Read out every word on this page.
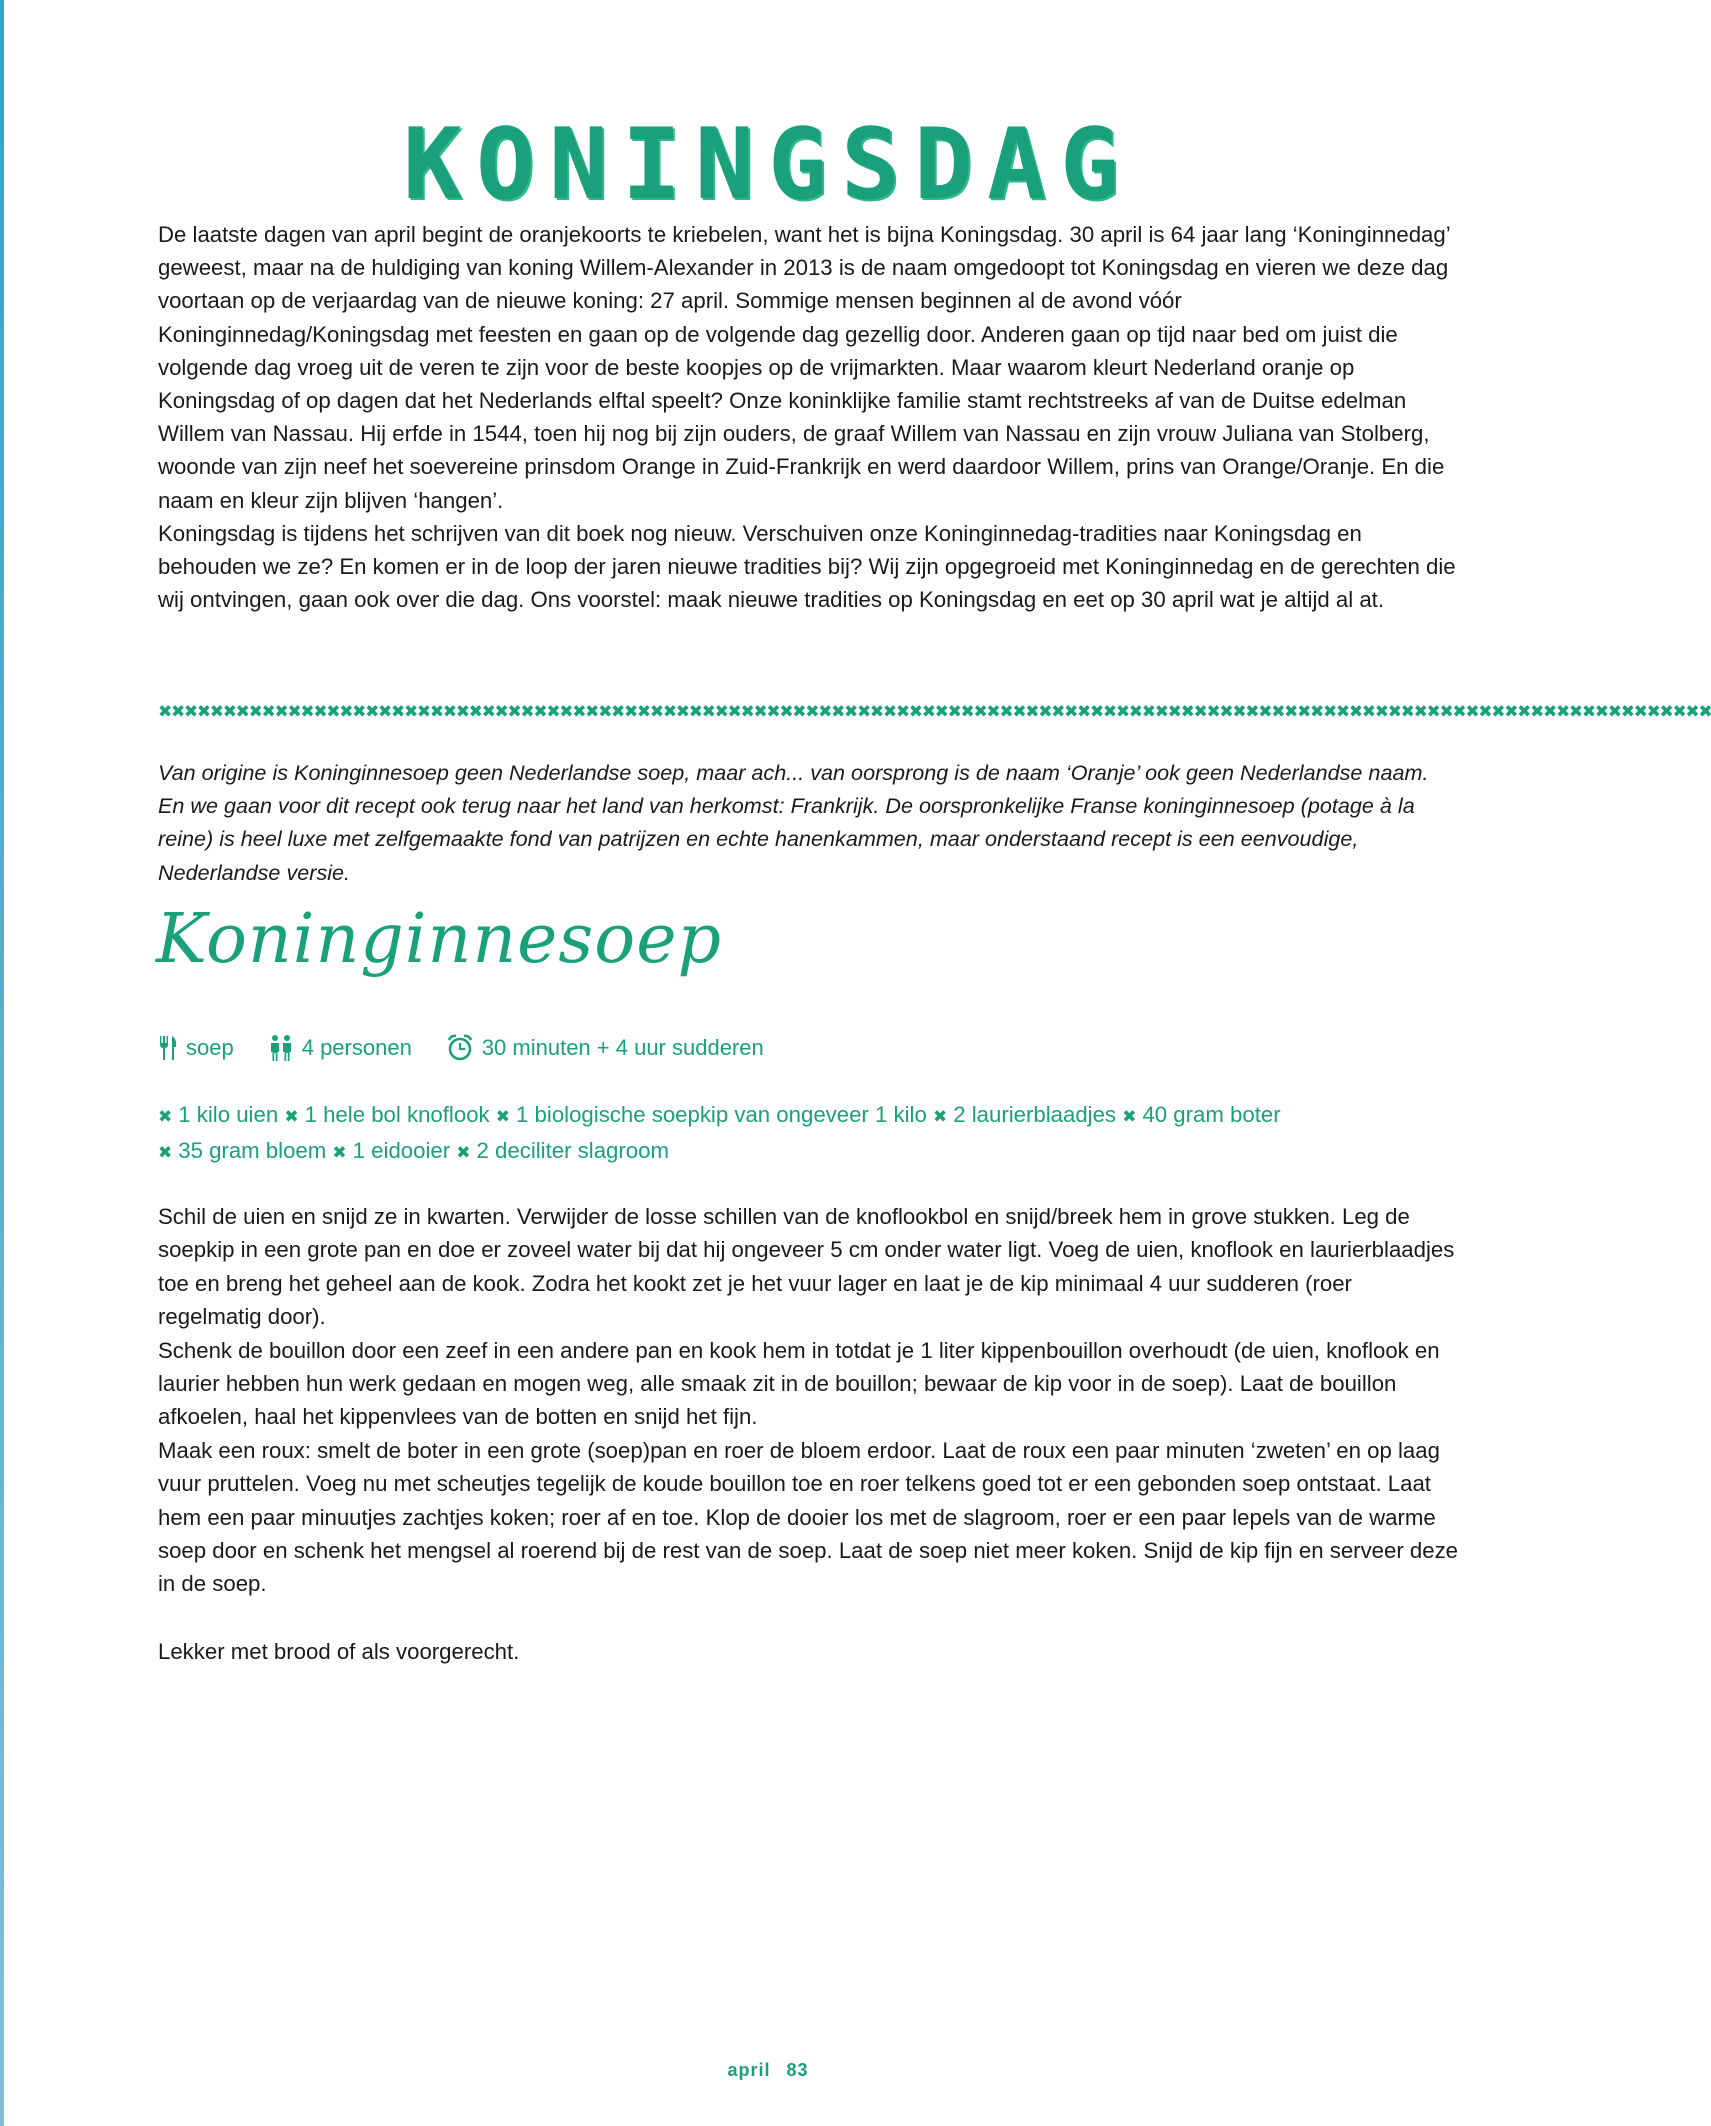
KONINGSDAG

De laatste dagen van april begint de oranjekoorts te kriebelen, want het is bijna Koningsdag. 30 april is 64 jaar lang ‘Koninginnedag’ geweest, maar na de huldiging van koning Willem-Alexander in 2013 is de naam omgedoopt tot Koningsdag en vieren we deze dag voortaan op de verjaardag van de nieuwe koning: 27 april. Sommige mensen beginnen al de avond vóór Koninginnedag/Koningsdag met feesten en gaan op de volgende dag gezellig door. Anderen gaan op tijd naar bed om juist die volgende dag vroeg uit de veren te zijn voor de beste koopjes op de vrijmarkten. Maar waarom kleurt Nederland oranje op Koningsdag of op dagen dat het Nederlands elftal speelt? Onze koninklijke familie stamt rechtstreeks af van de Duitse edelman Willem van Nassau. Hij erfde in 1544, toen hij nog bij zijn ouders, de graaf Willem van Nassau en zijn vrouw Juliana van Stolberg, woonde van zijn neef het soevereine prinsdom Orange in Zuid-Frankrijk en werd daardoor Willem, prins van Orange/Oranje. En die naam en kleur zijn blijven ‘hangen’.

Koningsdag is tijdens het schrijven van dit boek nog nieuw. Verschuiven onze Koninginnedag-tradities naar Koningsdag en behouden we ze? En komen er in de loop der jaren nieuwe tradities bij? Wij zijn opgegroeid met Koninginnedag en de gerechten die wij ontvingen, gaan ook over die dag. Ons voorstel: maak nieuwe tradities op Koningsdag en eet op 30 april wat je altijd al at.

✖✖✖✖✖✖✖✖✖✖✖✖✖✖✖✖✖✖✖✖✖✖✖✖✖✖✖✖✖✖✖✖✖✖✖✖✖✖✖✖✖✖✖✖✖✖✖✖✖✖✖✖✖✖✖✖✖✖✖✖✖✖✖✖✖✖✖✖✖✖✖✖✖✖✖✖✖✖✖✖✖✖✖✖✖✖✖✖✖✖✖✖✖✖✖✖✖✖✖✖✖✖✖✖✖✖✖✖✖✖✖✖✖✖✖✖✖✖✖✖

Van origine is Koninginnesoep geen Nederlandse soep, maar ach... van oorsprong is de naam ‘Oranje’ ook geen Nederlandse naam. En we gaan voor dit recept ook terug naar het land van herkomst: Frankrijk. De oorspronkelijke Franse koninginnesoep (potage à la reine) is heel luxe met zelfgemaakte fond van patrijzen en echte hanenkammen, maar onderstaand recept is een eenvoudige, Nederlandse versie.

Koninginnesoep
soep	4 personen	30 minuten + 4 uur sudderen
✖ 1 kilo uien ✖ 1 hele bol knoflook ✖ 1 biologische soepkip van ongeveer 1 kilo ✖ 2 laurierblaadjes ✖ 40 gram boter
✖ 35 gram bloem ✖ 1 eidooier ✖ 2 deciliter slagroom

Schil de uien en snijd ze in kwarten. Verwijder de losse schillen van de knoflookbol en snijd/breek hem in grove stukken. Leg de soepkip in een grote pan en doe er zoveel water bij dat hij ongeveer 5 cm onder water ligt. Voeg de uien, knoflook en laurierblaadjes toe en breng het geheel aan de kook. Zodra het kookt zet je het vuur lager en laat je de kip minimaal 4 uur sudderen (roer regelmatig door).

Schenk de bouillon door een zeef in een andere pan en kook hem in totdat je 1 liter kippenbouillon overhoudt (de uien, knoflook en laurier hebben hun werk gedaan en mogen weg, alle smaak zit in de bouillon; bewaar de kip voor in de soep). Laat de bouillon afkoelen, haal het kippenvlees van de botten en snijd het fijn.

Maak een roux: smelt de boter in een grote (soep)pan en roer de bloem erdoor. Laat de roux een paar minuten ‘zweten’ en op laag vuur pruttelen. Voeg nu met scheutjes tegelijk de koude bouillon toe en roer telkens goed tot er een gebonden soep ontstaat. Laat hem een paar minuutjes zachtjes koken; roer af en toe. Klop de dooier los met de slagroom, roer er een paar lepels van de warme soep door en schenk het mengsel al roerend bij de rest van de soep. Laat de soep niet meer koken. Snijd de kip fijn en serveer deze in de soep.

Lekker met brood of als voorgerecht.

april 83
